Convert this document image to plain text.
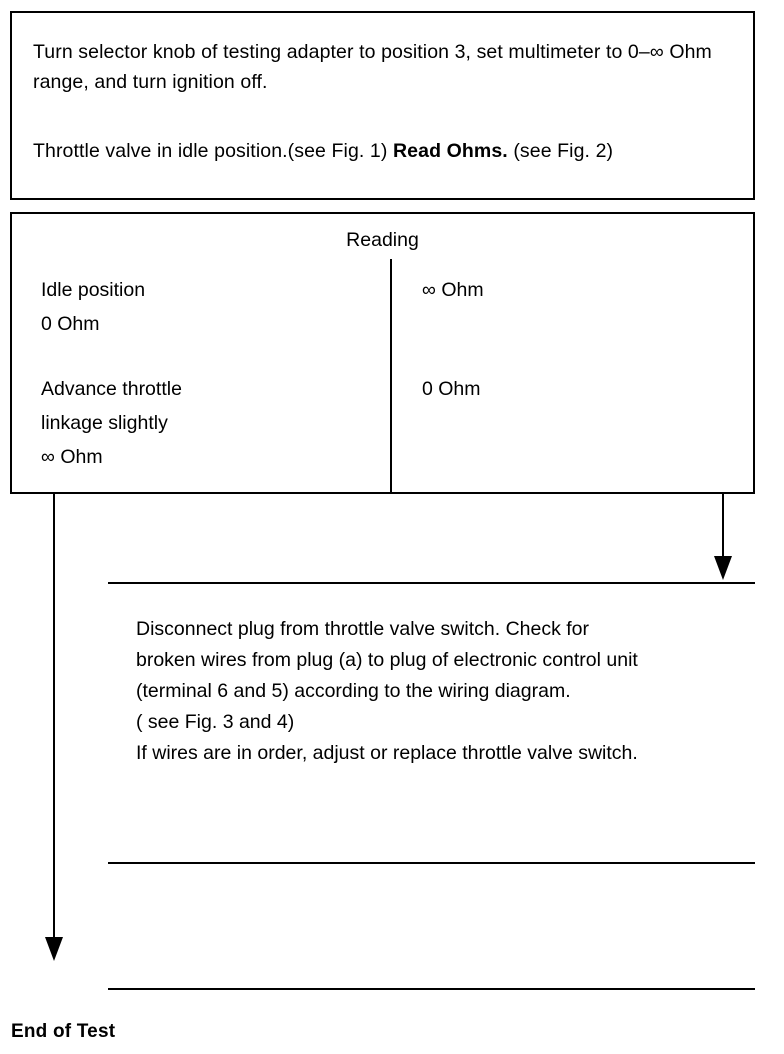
Turn selector knob of testing adapter to position 3, set multimeter to 0–∞ Ohm range, and turn ignition off.
Throttle valve in idle position.(see Fig. 1) Read Ohms. (see Fig. 2)
Reading
Idle position
0 Ohm
∞ Ohm
Advance throttle
linkage slightly
∞ Ohm
0 Ohm
Disconnect plug from throttle valve switch. Check for
broken wires from plug (a) to plug of electronic control unit
(terminal 6 and 5) according to the wiring diagram.
( see Fig. 3 and 4)
If wires are in order, adjust or replace throttle valve switch.
End of Test
